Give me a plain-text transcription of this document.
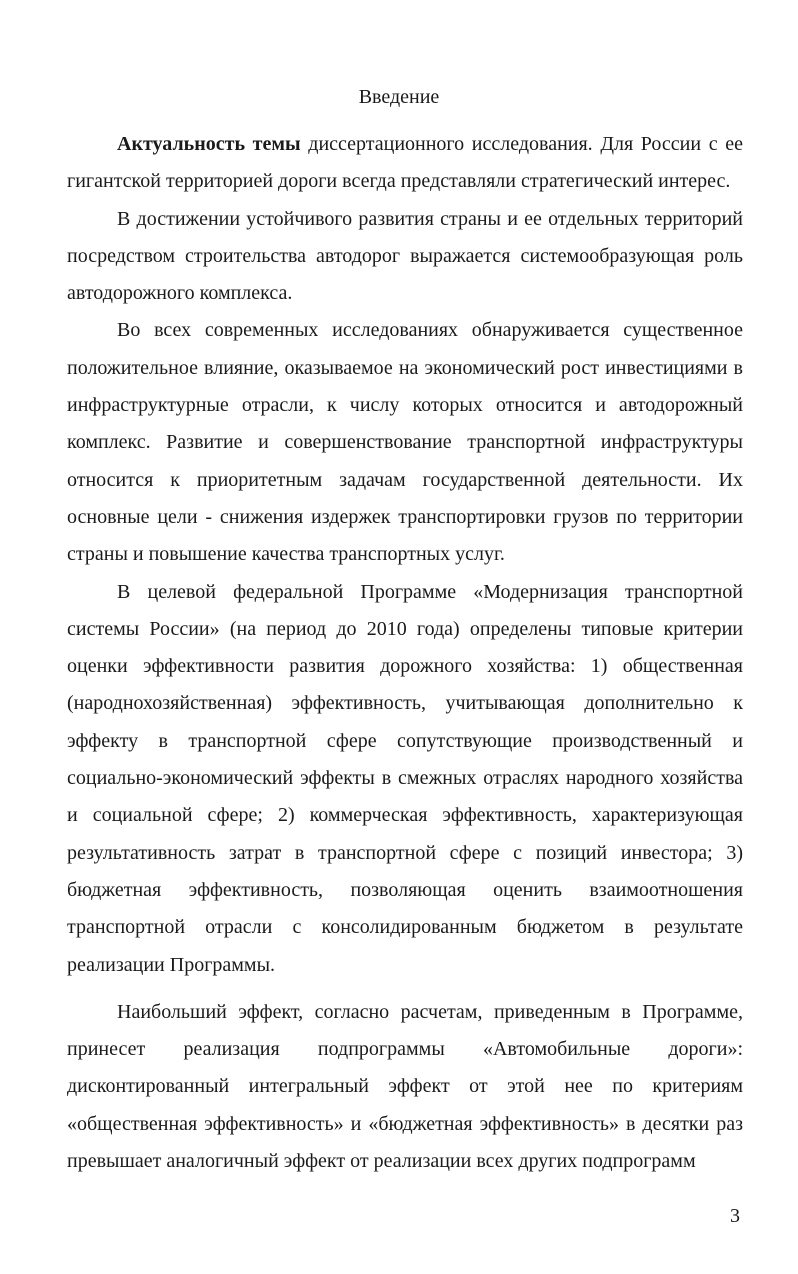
Введение

Актуальность темы диссертационного исследования. Для России с ее гигантской территорией дороги всегда представляли стратегический интерес.

В достижении устойчивого развития страны и ее отдельных территорий посредством строительства автодорог выражается системообразующая роль автодорожного комплекса.

Во всех современных исследованиях обнаруживается существенное положительное влияние, оказываемое на экономический рост инвестициями в инфраструктурные отрасли, к числу которых относится и автодорожный комплекс. Развитие и совершенствование транспортной инфраструктуры относится к приоритетным задачам государственной деятельности. Их основные цели - снижения издержек транспортировки грузов по территории страны и повышение качества транспортных услуг.

В целевой федеральной Программе «Модернизация транспортной системы России» (на период до 2010 года) определены типовые критерии оценки эффективности развития дорожного хозяйства: 1) общественная (народнохозяйственная) эффективность, учитывающая дополнительно к эффекту в транспортной сфере сопутствующие производственный и социально-экономический эффекты в смежных отраслях народного хозяйства и социальной сфере; 2) коммерческая эффективность, характеризующая результативность затрат в транспортной сфере с позиций инвестора; 3) бюджетная эффективность, позволяющая оценить взаимоотношения транспортной отрасли с консолидированным бюджетом в результате реализации Программы.

Наибольший эффект, согласно расчетам, приведенным в Программе, принесет реализация подпрограммы «Автомобильные дороги»: дисконтированный интегральный эффект от этой нее по критериям «общественная эффективность» и «бюджетная эффективность» в десятки раз превышает аналогичный эффект от реализации всех других подпрограмм

3
